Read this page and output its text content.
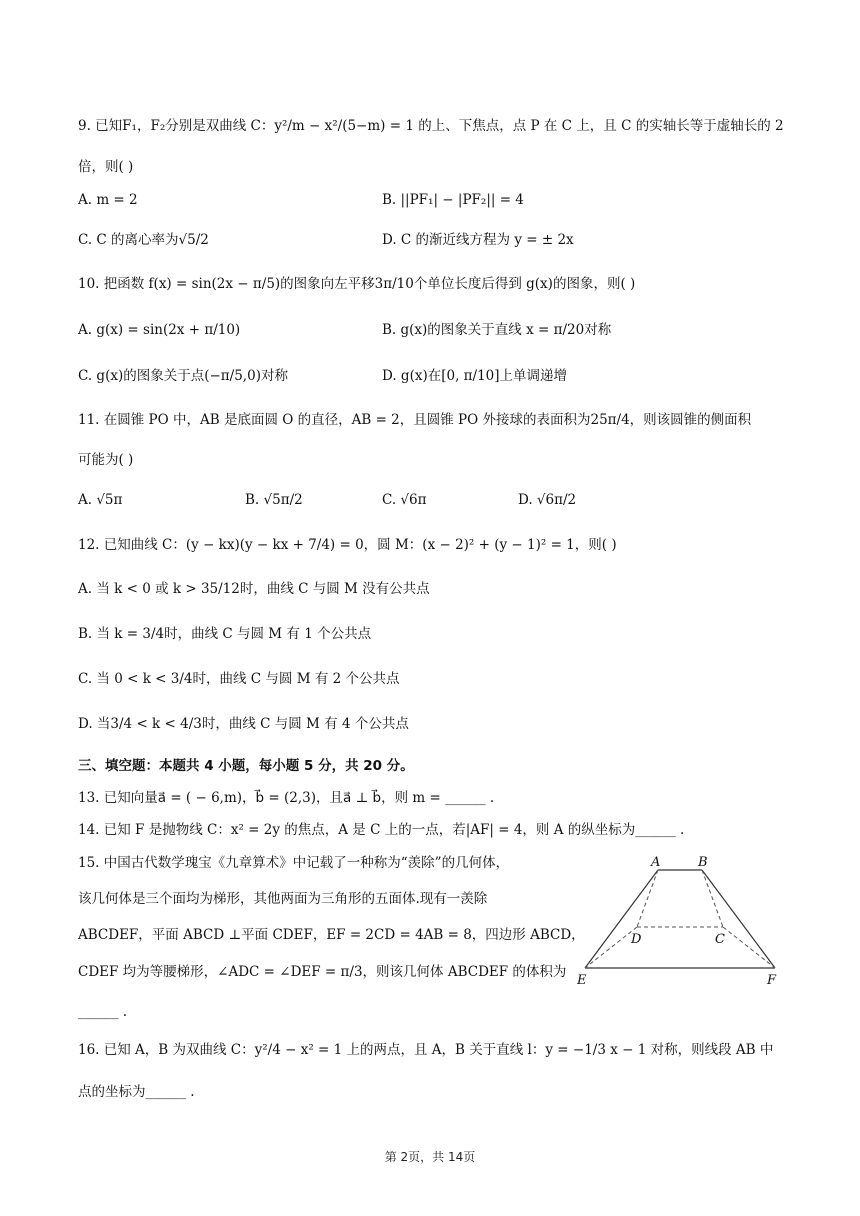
9. 已知F₁，F₂分别是双曲线 C：y²/m − x²/(5−m) = 1 的上、下焦点，点 P 在 C 上，且 C 的实轴长等于虚轴长的 2
倍，则( )
A. m = 2	B. ||PF₁| − |PF₂|| = 4
C. C 的离心率为√5/2	D. C 的渐近线方程为 y = ± 2x
10. 把函数 f(x) = sin(2x − π/5)的图象向左平移3π/10个单位长度后得到 g(x)的图象，则( )
A. g(x) = sin(2x + π/10)	B. g(x)的图象关于直线 x = π/20对称
C. g(x)的图象关于点(−π/5,0)对称	D. g(x)在[0, π/10]上单调递增
11. 在圆锥 PO 中，AB 是底面圆 O 的直径，AB = 2，且圆锥 PO 外接球的表面积为25π/4，则该圆锥的侧面积
可能为( )
A. √5π	B. √5π/2	C. √6π	D. √6π/2
12. 已知曲线 C：(y − kx)(y − kx + 7/4) = 0，圆 M：(x − 2)² + (y − 1)² = 1，则( )
A. 当 k < 0 或 k > 35/12时，曲线 C 与圆 M 没有公共点
B. 当 k = 3/4时，曲线 C 与圆 M 有 1 个公共点
C. 当 0 < k < 3/4时，曲线 C 与圆 M 有 2 个公共点
D. 当3/4 < k < 4/3时，曲线 C 与圆 M 有 4 个公共点
三、填空题：本题共 4 小题，每小题 5 分，共 20 分。
13. 已知向量a⃗ = ( − 6,m)，b⃗ = (2,3)，且a⃗ ⊥ b⃗，则 m = ______ .
14. 已知 F 是抛物线 C：x² = 2y 的焦点，A 是 C 上的一点，若|AF| = 4，则 A 的纵坐标为______ .
15. 中国古代数学瑰宝《九章算术》中记载了一种称为“羡除”的几何体，
该几何体是三个面均为梯形，其他两面为三角形的五面体.现有一羡除
ABCDEF，平面 ABCD ⊥平面 CDEF，EF = 2CD = 4AB = 8，四边形 ABCD，
CDEF 均为等腰梯形，∠ADC = ∠DEF = π/3，则该几何体 ABCDEF 的体积为
______ .
A	B
C
D
E	F
16. 已知 A，B 为双曲线 C：y²/4 − x² = 1 上的两点，且 A，B 关于直线 l：y = −1/3 x − 1 对称，则线段 AB 中
点的坐标为______ .
第 2页，共 14页
